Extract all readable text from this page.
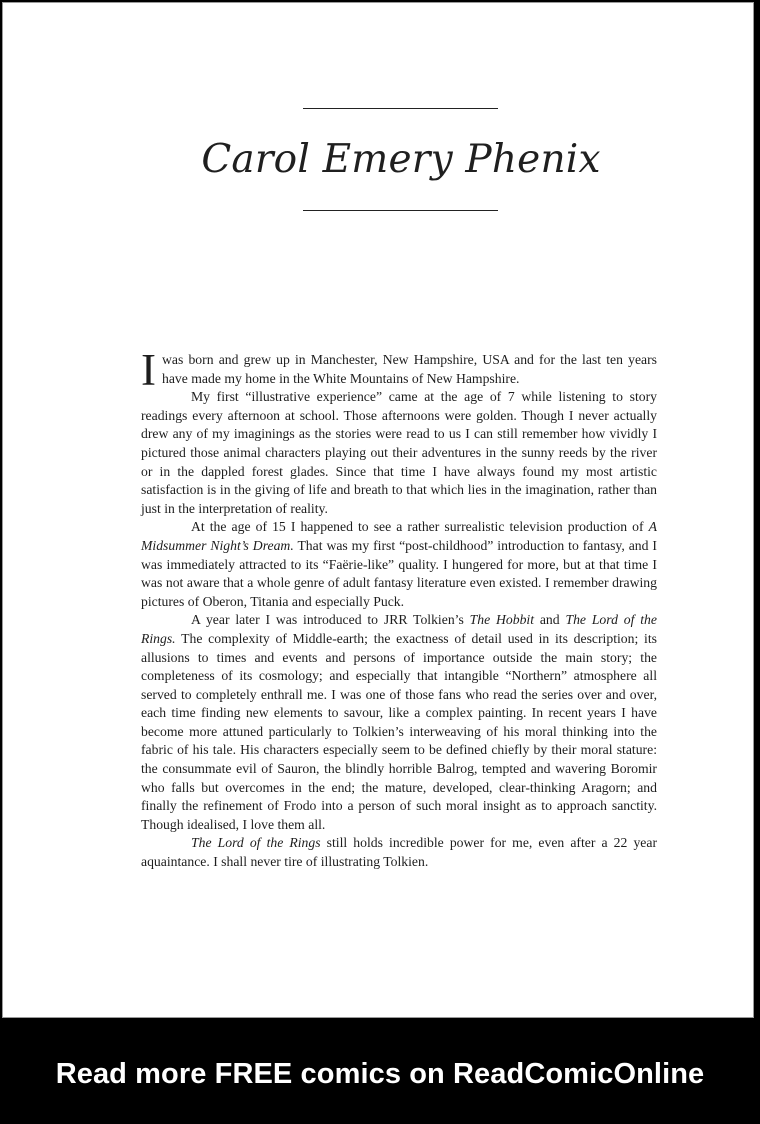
Carol Emery Phenix

I was born and grew up in Manchester, New Hampshire, USA and for the last ten years have made my home in the White Mountains of New Hampshire.

My first “illustrative experience” came at the age of 7 while listening to story readings every afternoon at school. Those afternoons were golden. Though I never actually drew any of my imaginings as the stories were read to us I can still remember how vividly I pictured those animal characters playing out their adventures in the sunny reeds by the river or in the dappled forest glades. Since that time I have always found my most artistic satisfaction is in the giving of life and breath to that which lies in the imagination, rather than just in the interpretation of reality.

At the age of 15 I happened to see a rather surrealistic television production of A Midsummer Night’s Dream. That was my first “post-childhood” introduction to fantasy, and I was immediately attracted to its “Faërie-like” quality. I hungered for more, but at that time I was not aware that a whole genre of adult fantasy literature even existed. I remember drawing pictures of Oberon, Titania and especially Puck.

A year later I was introduced to JRR Tolkien’s The Hobbit and The Lord of the Rings. The complexity of Middle-earth; the exactness of detail used in its description; its allusions to times and events and persons of importance outside the main story; the completeness of its cosmology; and especially that intangible “Northern” atmosphere all served to completely enthrall me. I was one of those fans who read the series over and over, each time finding new elements to savour, like a complex painting. In recent years I have become more attuned particularly to Tolkien’s interweaving of his moral thinking into the fabric of his tale. His characters especially seem to be defined chiefly by their moral stature: the consummate evil of Sauron, the blindly horrible Balrog, tempted and wavering Boromir who falls but overcomes in the end; the mature, developed, clear-thinking Aragorn; and finally the refinement of Frodo into a person of such moral insight as to approach sanctity. Though idealised, I love them all.

The Lord of the Rings still holds incredible power for me, even after a 22 year aquaintance. I shall never tire of illustrating Tolkien.

Read more FREE comics on ReadComicOnline
